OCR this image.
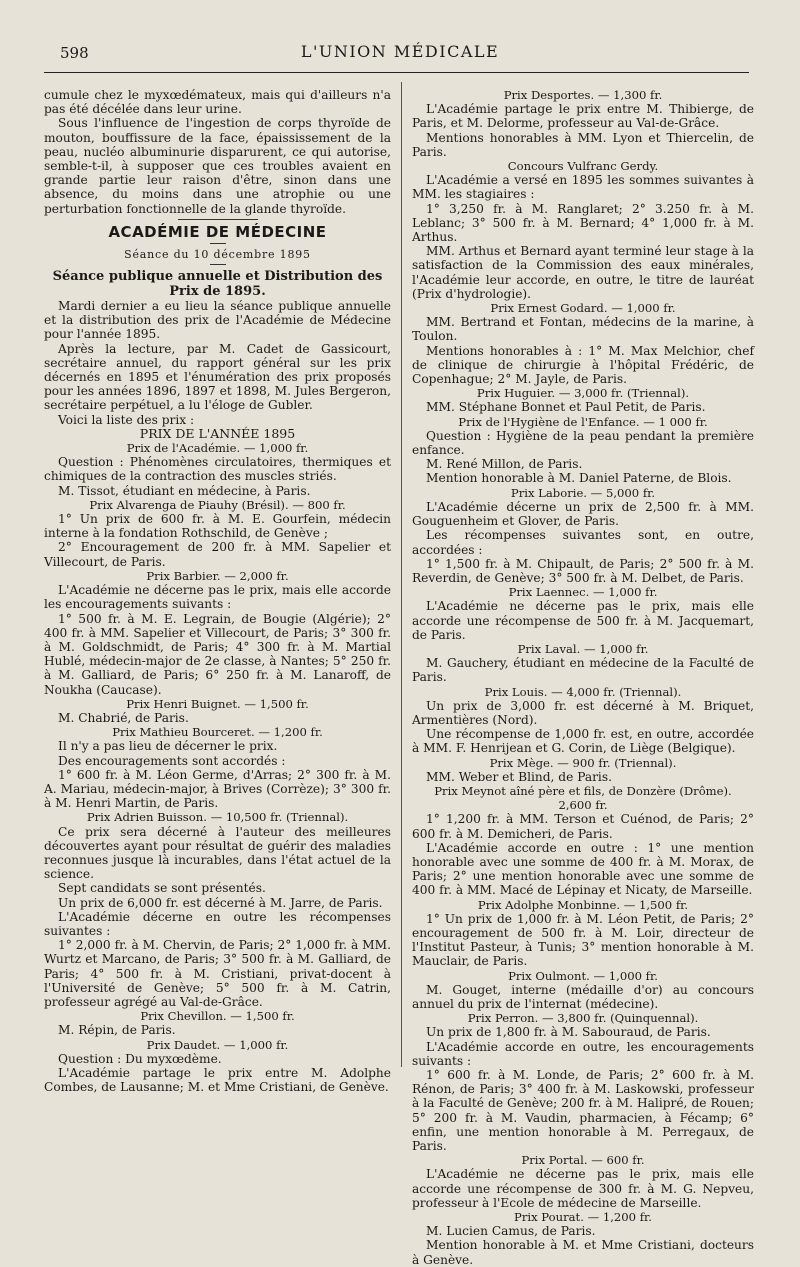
598	L'UNION MÉDICALE

cumule chez le myxœdémateux, mais qui d'ailleurs n'a pas été décélée dans leur urine.

Sous l'influence de l'ingestion de corps thyroïde de mouton, bouffissure de la face, épaississement de la peau, nucléo albuminurie disparurent, ce qui autorise, semble-t-il, à supposer que ces troubles avaient en grande partie leur raison d'être, sinon dans une absence, du moins dans une atrophie ou une perturbation fonctionnelle de la glande thyroïde.

ACADÉMIE DE MÉDECINE

Séance du 10 décembre 1895

Séance publique annuelle et Distribution des Prix de 1895.

Mardi dernier a eu lieu la séance publique annuelle et la distribution des prix de l'Académie de Médecine pour l'année 1895.

Après la lecture, par M. Cadet de Gassicourt, secrétaire annuel, du rapport général sur les prix décernés en 1895 et l'énumération des prix proposés pour les années 1896, 1897 et 1898, M. Jules Bergeron, secrétaire perpétuel, a lu l'éloge de Gubler.

Voici la liste des prix :

PRIX DE L'ANNÉE 1895

Prix de l'Académie. — 1,000 fr.

Question : Phénomènes circulatoires, thermiques et chimiques de la contraction des muscles striés.

M. Tissot, étudiant en médecine, à Paris.

Prix Alvarenga de Piauhy (Brésil). — 800 fr.

1° Un prix de 600 fr. à M. E. Gourfein, médecin interne à la fondation Rothschild, de Genève ;

2° Encouragement de 200 fr. à MM. Sapelier et Villecourt, de Paris.

Prix Barbier. — 2,000 fr.

L'Académie ne décerne pas le prix, mais elle accorde les encouragements suivants :

1° 500 fr. à M. E. Legrain, de Bougie (Algérie); 2° 400 fr. à MM. Sapelier et Villecourt, de Paris; 3° 300 fr. à M. Goldschmidt, de Paris; 4° 300 fr. à M. Martial Hublé, médecin-major de 2e classe, à Nantes; 5° 250 fr. à M. Galliard, de Paris; 6° 250 fr. à M. Lanaroff, de Noukha (Caucase).

Prix Henri Buignet. — 1,500 fr.

M. Chabrié, de Paris.

Prix Mathieu Bourceret. — 1,200 fr.

Il n'y a pas lieu de décerner le prix.

Des encouragements sont accordés :

1° 600 fr. à M. Léon Germe, d'Arras; 2° 300 fr. à M. A. Mariau, médecin-major, à Brives (Corrèze); 3° 300 fr. à M. Henri Martin, de Paris.

Prix Adrien Buisson. — 10,500 fr. (Triennal).

Ce prix sera décerné à l'auteur des meilleures découvertes ayant pour résultat de guérir des maladies reconnues jusque là incurables, dans l'état actuel de la science.

Sept candidats se sont présentés.

Un prix de 6,000 fr. est décerné à M. Jarre, de Paris.

L'Académie décerne en outre les récompenses suivantes :

1° 2,000 fr. à M. Chervin, de Paris; 2° 1,000 fr. à MM. Wurtz et Marcano, de Paris; 3° 500 fr. à M. Galliard, de Paris; 4° 500 fr. à M. Cristiani, privat-docent à l'Université de Genève; 5° 500 fr. à M. Catrin, professeur agrégé au Val-de-Grâce.

Prix Chevillon. — 1,500 fr.

M. Répin, de Paris.

Prix Daudet. — 1,000 fr.

Question : Du myxœdème.

L'Académie partage le prix entre M. Adolphe Combes, de Lausanne; M. et Mme Cristiani, de Genève.

Prix Desportes. — 1,300 fr.

L'Académie partage le prix entre M. Thibierge, de Paris, et M. Delorme, professeur au Val-de-Grâce.

Mentions honorables à MM. Lyon et Thiercelin, de Paris.

Concours Vulfranc Gerdy.

L'Académie a versé en 1895 les sommes suivantes à MM. les stagiaires :

1° 3,250 fr. à M. Ranglaret; 2° 3.250 fr. à M. Leblanc; 3° 500 fr. à M. Bernard; 4° 1,000 fr. à M. Arthus.

MM. Arthus et Bernard ayant terminé leur stage à la satisfaction de la Commission des eaux minérales, l'Académie leur accorde, en outre, le titre de lauréat (Prix d'hydrologie).

Prix Ernest Godard. — 1,000 fr.

MM. Bertrand et Fontan, médecins de la marine, à Toulon.

Mentions honorables à : 1° M. Max Melchior, chef de clinique de chirurgie à l'hôpital Frédéric, de Copenhague; 2° M. Jayle, de Paris.

Prix Huguier. — 3,000 fr. (Triennal).

MM. Stéphane Bonnet et Paul Petit, de Paris.

Prix de l'Hygiène de l'Enfance. — 1 000 fr.

Question : Hygiène de la peau pendant la première enfance.

M. René Millon, de Paris.

Mention honorable à M. Daniel Paterne, de Blois.

Prix Laborie. — 5,000 fr.

L'Académie décerne un prix de 2,500 fr. à MM. Gouguenheim et Glover, de Paris.

Les récompenses suivantes sont, en outre, accordées :

1° 1,500 fr. à M. Chipault, de Paris; 2° 500 fr. à M. Reverdin, de Genève; 3° 500 fr. à M. Delbet, de Paris.

Prix Laennec. — 1,000 fr.

L'Académie ne décerne pas le prix, mais elle accorde une récompense de 500 fr. à M. Jacquemart, de Paris.

Prix Laval. — 1,000 fr.

M. Gauchery, étudiant en médecine de la Faculté de Paris.

Prix Louis. — 4,000 fr. (Triennal).

Un prix de 3,000 fr. est décerné à M. Briquet, Armentières (Nord).

Une récompense de 1,000 fr. est, en outre, accordée à MM. F. Henrijean et G. Corin, de Liège (Belgique).

Prix Mège. — 900 fr. (Triennal).

MM. Weber et Blind, de Paris.

Prix Meynot aîné père et fils, de Donzère (Drôme).

2,600 fr.

1° 1,200 fr. à MM. Terson et Cuénod, de Paris; 2° 600 fr. à M. Demicheri, de Paris.

L'Académie accorde en outre : 1° une mention honorable avec une somme de 400 fr. à M. Morax, de Paris; 2° une mention honorable avec une somme de 400 fr. à MM. Macé de Lépinay et Nicaty, de Marseille.

Prix Adolphe Monbinne. — 1,500 fr.

1° Un prix de 1,000 fr. à M. Léon Petit, de Paris; 2° encouragement de 500 fr. à M. Loir, directeur de l'Institut Pasteur, à Tunis; 3° mention honorable à M. Mauclair, de Paris.

Prix Oulmont. — 1,000 fr.

M. Gouget, interne (médaille d'or) au concours annuel du prix de l'internat (médecine).

Prix Perron. — 3,800 fr. (Quinquennal).

Un prix de 1,800 fr. à M. Sabouraud, de Paris.

L'Académie accorde en outre, les encouragements suivants :

1° 600 fr. à M. Londe, de Paris; 2° 600 fr. à M. Rénon, de Paris; 3° 400 fr. à M. Laskowski, professeur à la Faculté de Genève; 200 fr. à M. Halipré, de Rouen; 5° 200 fr. à M. Vaudin, pharmacien, à Fécamp; 6° enfin, une mention honorable à M. Perregaux, de Paris.

Prix Portal. — 600 fr.

L'Académie ne décerne pas le prix, mais elle accorde une récompense de 300 fr. à M. G. Nepveu, professeur à l'Ecole de médecine de Marseille.

Prix Pourat. — 1,200 fr.

M. Lucien Camus, de Paris.

Mention honorable à M. et Mme Cristiani, docteurs à Genève.
